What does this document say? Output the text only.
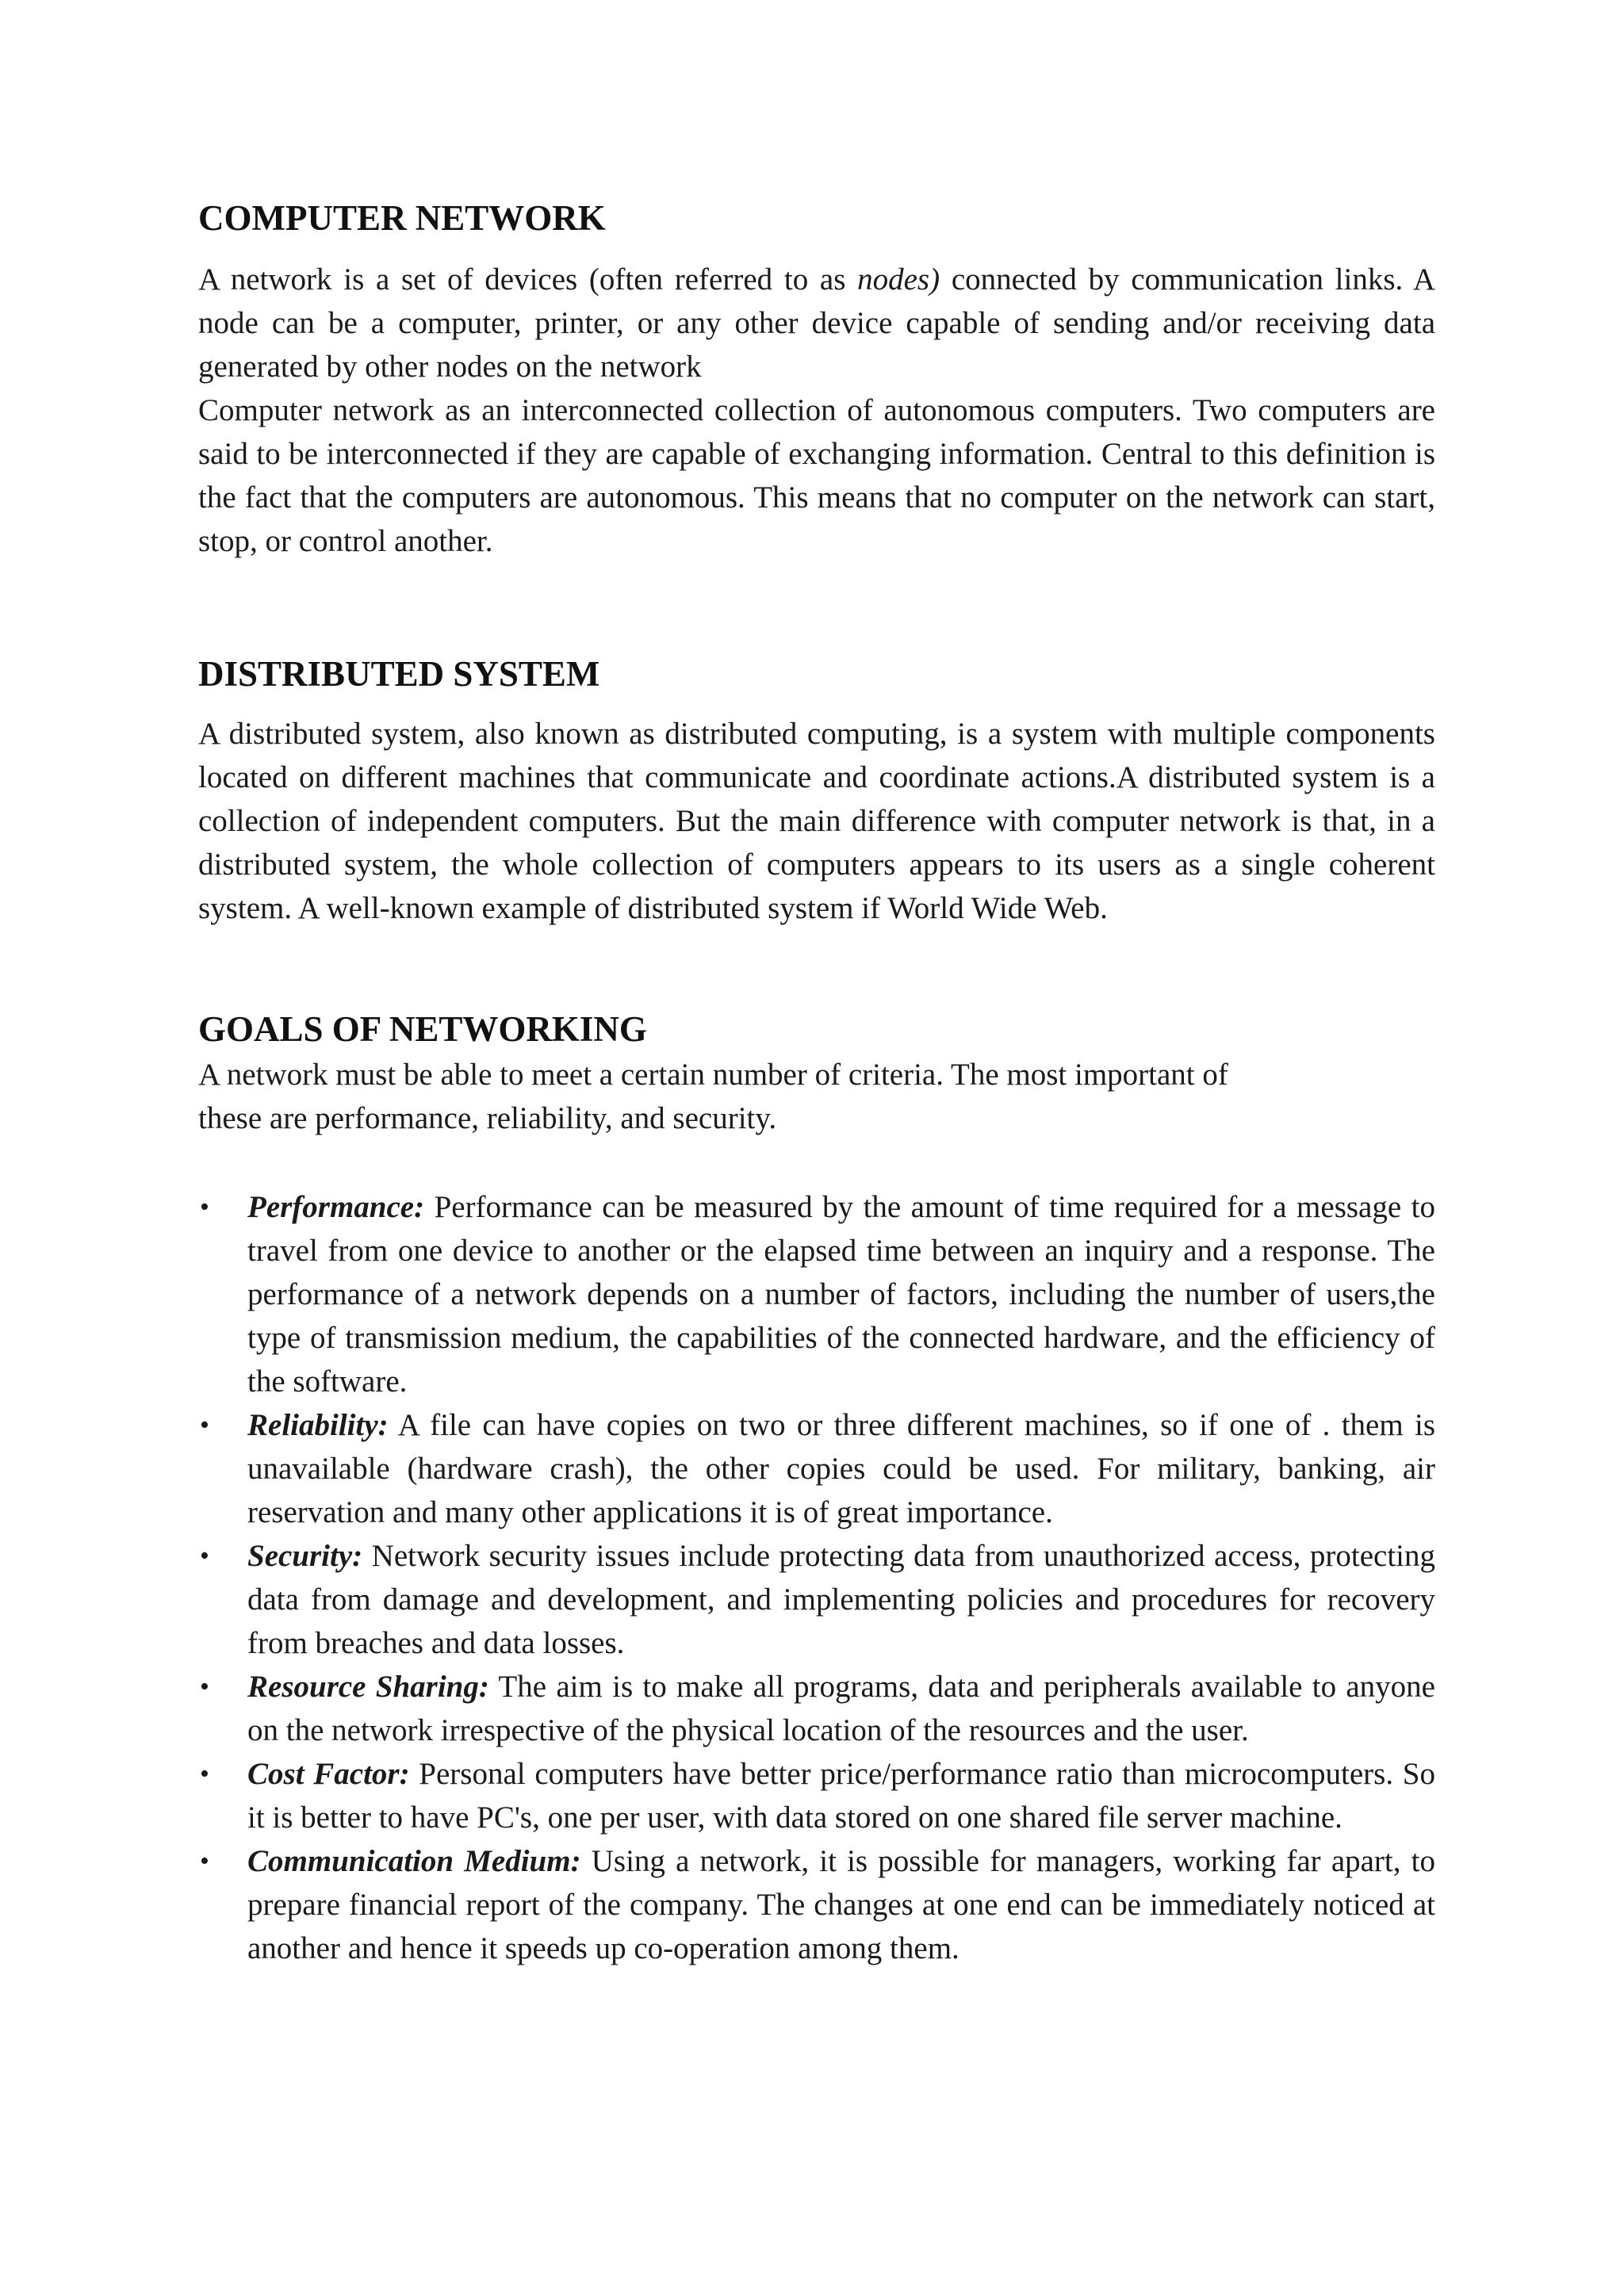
COMPUTER NETWORK

A network is a set of devices (often referred to as nodes) connected by communication links. A node can be a computer, printer, or any other device capable of sending and/or receiving data generated by other nodes on the network

Computer network as an interconnected collection of autonomous computers. Two computers are said to be interconnected if they are capable of exchanging information. Central to this definition is the fact that the computers are autonomous. This means that no computer on the network can start, stop, or control another.

DISTRIBUTED SYSTEM

A distributed system, also known as distributed computing, is a system with multiple components located on different machines that communicate and coordinate actions.A distributed system is a collection of independent computers. But the main difference with computer network is that, in a distributed system, the whole collection of computers appears to its users as a single coherent system. A well-known example of distributed system if World Wide Web.

GOALS OF NETWORKING

A network must be able to meet a certain number of criteria. The most important of

these are performance, reliability, and security.

• Performance: Performance can be measured by the amount of time required for a message to travel from one device to another or the elapsed time between an inquiry and a response. The performance of a network depends on a number of factors, including the number of users,the type of transmission medium, the capabilities of the connected hardware, and the efficiency of the software.
• Reliability: A file can have copies on two or three different machines, so if one of . them is unavailable (hardware crash), the other copies could be used. For military, banking, air reservation and many other applications it is of great importance.
• Security: Network security issues include protecting data from unauthorized access, protecting data from damage and development, and implementing policies and procedures for recovery from breaches and data losses.
• Resource Sharing: The aim is to make all programs, data and peripherals available to anyone on the network irrespective of the physical location of the resources and the user.
• Cost Factor: Personal computers have better price/performance ratio than microcomputers. So it is better to have PC's, one per user, with data stored on one shared file server machine.
• Communication Medium: Using a network, it is possible for managers, working far apart, to prepare financial report of the company. The changes at one end can be immediately noticed at another and hence it speeds up co-operation among them.
